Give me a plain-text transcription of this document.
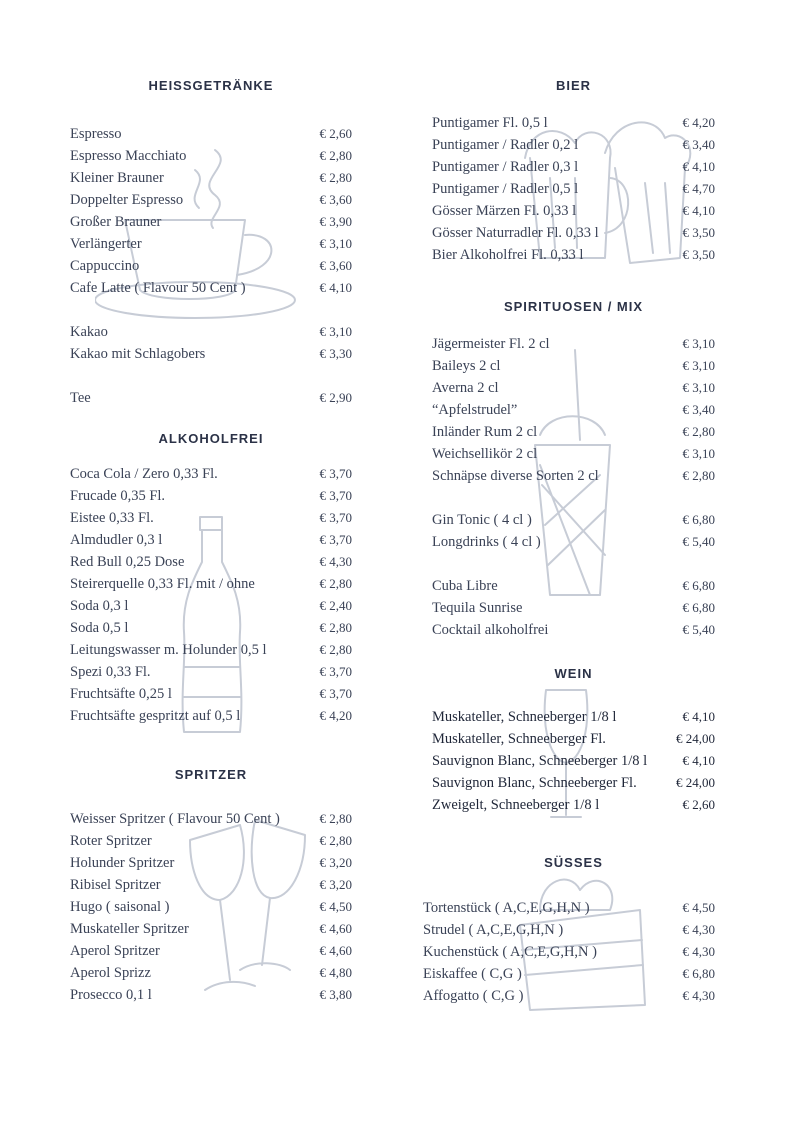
HEISSGETRÄNKE
Espresso	€ 2,60
Espresso Macchiato	€ 2,80
Kleiner Brauner	€ 2,80
Doppelter Espresso	€ 3,60
Großer Brauner	€ 3,90
Verlängerter	€ 3,10
Cappuccino	€ 3,60
Cafe Latte ( Flavour 50 Cent )	€ 4,10
Kakao	€ 3,10
Kakao mit Schlagobers	€ 3,30
Tee	€ 2,90
ALKOHOLFREI
Coca Cola / Zero 0,33 Fl.	€ 3,70
Frucade 0,35 Fl.	€ 3,70
Eistee 0,33 Fl.	€ 3,70
Almdudler 0,3 l	€ 3,70
Red Bull 0,25 Dose	€ 4,30
Steirerquelle 0,33 Fl. mit / ohne	€ 2,80
Soda 0,3 l	€ 2,40
Soda 0,5 l	€ 2,80
Leitungswasser m. Holunder 0,5 l	€ 2,80
Spezi 0,33 Fl.	€ 3,70
Fruchtsäfte 0,25 l	€ 3,70
Fruchtsäfte gespritzt auf 0,5 l	€ 4,20
SPRITZER
Weisser Spritzer ( Flavour 50 Cent )	€ 2,80
Roter Spritzer	€ 2,80
Holunder Spritzer	€ 3,20
Ribisel Spritzer	€ 3,20
Hugo ( saisonal )	€ 4,50
Muskateller Spritzer	€ 4,60
Aperol Spritzer	€ 4,60
Aperol Sprizz	€ 4,80
Prosecco 0,1 l	€ 3,80
BIER
Puntigamer Fl. 0,5 l	€ 4,20
Puntigamer / Radler 0,2 l	€ 3,40
Puntigamer / Radler 0,3 l	€ 4,10
Puntigamer / Radler 0,5 l	€ 4,70
Gösser Märzen Fl. 0,33 l	€ 4,10
Gösser Naturradler Fl. 0,33 l	€ 3,50
Bier Alkoholfrei Fl. 0,33 l	€ 3,50
SPIRITUOSEN / MIX
Jägermeister Fl. 2 cl	€ 3,10
Baileys 2 cl	€ 3,10
Averna 2 cl	€ 3,10
“Apfelstrudel”	€ 3,40
Inländer Rum 2 cl	€ 2,80
Weichsellikör 2 cl	€ 3,10
Schnäpse diverse Sorten 2 cl	€ 2,80
Gin Tonic ( 4 cl )	€ 6,80
Longdrinks ( 4 cl )	€ 5,40
Cuba Libre	€ 6,80
Tequila Sunrise	€ 6,80
Cocktail alkoholfrei	€ 5,40
WEIN
Muskateller, Schneeberger 1/8 l	€ 4,10
Muskateller, Schneeberger Fl.	€ 24,00
Sauvignon Blanc, Schneeberger 1/8 l	€ 4,10
Sauvignon Blanc, Schneeberger Fl.	€ 24,00
Zweigelt, Schneeberger 1/8 l	€ 2,60
SÜSSES
Tortenstück ( A,C,E,G,H,N )	€ 4,50
Strudel ( A,C,E,G,H,N )	€ 4,30
Kuchenstück ( A,C,E,G,H,N )	€ 4,30
Eiskaffee ( C,G )	€ 6,80
Affogatto ( C,G )	€ 4,30
